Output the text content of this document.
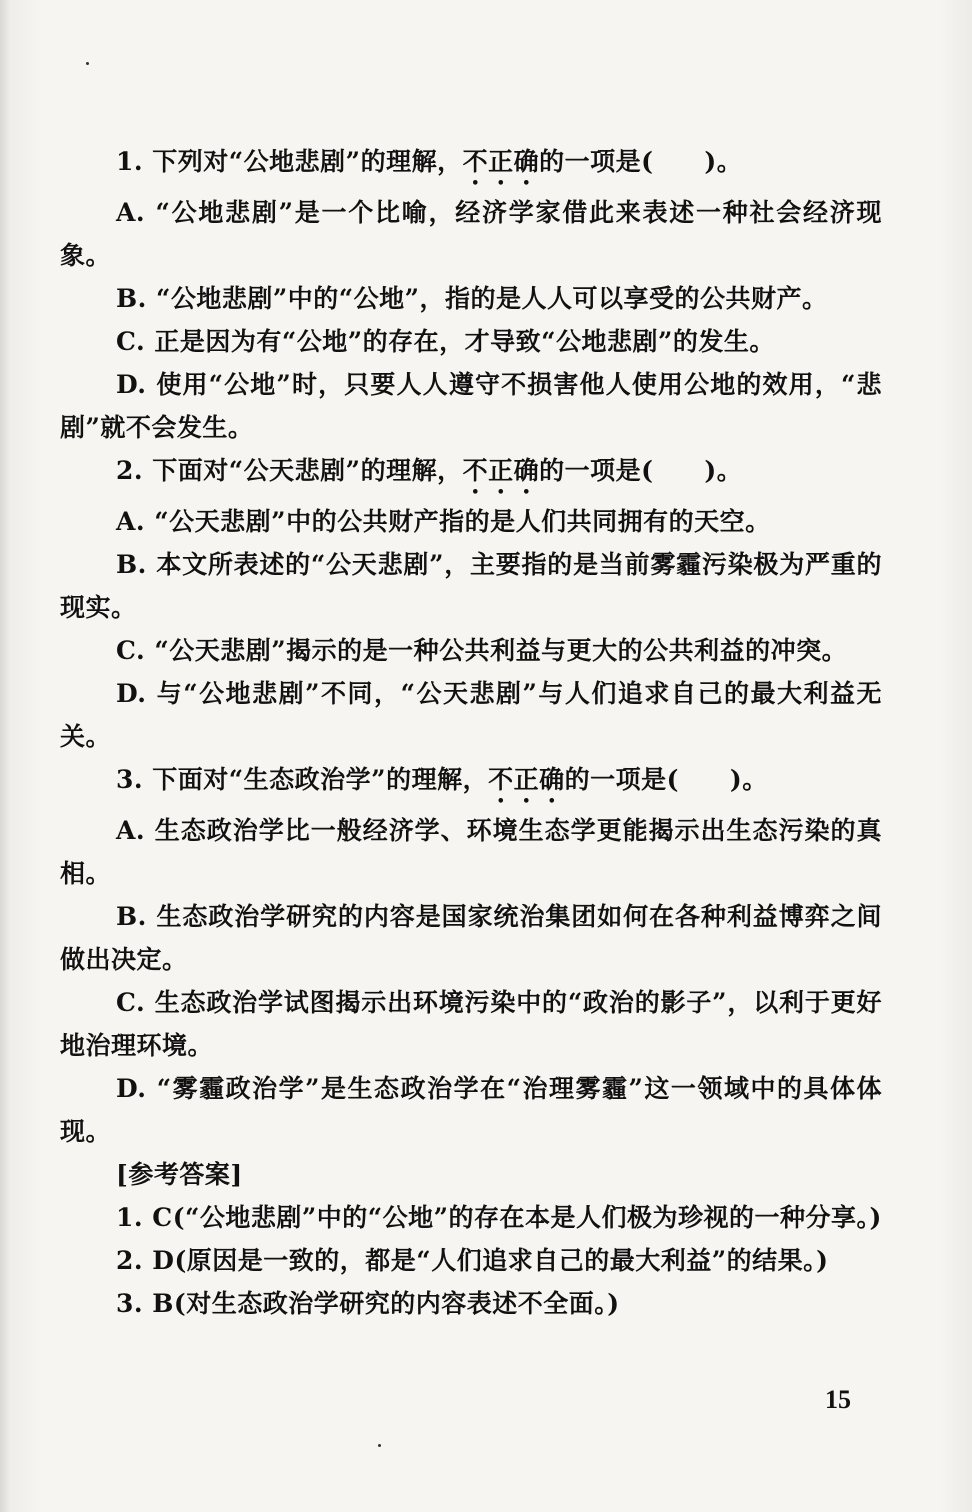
1. 下列对“公地悲剧”的理解，不正确的一项是(　　)。

A. “公地悲剧”是一个比喻，经济学家借此来表述一种社会经济现象。

B. “公地悲剧”中的“公地”，指的是人人可以享受的公共财产。

C. 正是因为有“公地”的存在，才导致“公地悲剧”的发生。

D. 使用“公地”时，只要人人遵守不损害他人使用公地的效用，“悲剧”就不会发生。

2. 下面对“公天悲剧”的理解，不正确的一项是(　　)。

A. “公天悲剧”中的公共财产指的是人们共同拥有的天空。

B. 本文所表述的“公天悲剧”，主要指的是当前雾霾污染极为严重的现实。

C. “公天悲剧”揭示的是一种公共利益与更大的公共利益的冲突。

D. 与“公地悲剧”不同，“公天悲剧”与人们追求自己的最大利益无关。

3. 下面对“生态政治学”的理解，不正确的一项是(　　)。

A. 生态政治学比一般经济学、环境生态学更能揭示出生态污染的真相。

B. 生态政治学研究的内容是国家统治集团如何在各种利益博弈之间做出决定。

C. 生态政治学试图揭示出环境污染中的“政治的影子”，以利于更好地治理环境。

D. “雾霾政治学”是生态政治学在“治理雾霾”这一领域中的具体体现。

[参考答案]

1. C(“公地悲剧”中的“公地”的存在本是人们极为珍视的一种分享。)

2. D(原因是一致的，都是“人们追求自己的最大利益”的结果。)

3. B(对生态政治学研究的内容表述不全面。)

15
